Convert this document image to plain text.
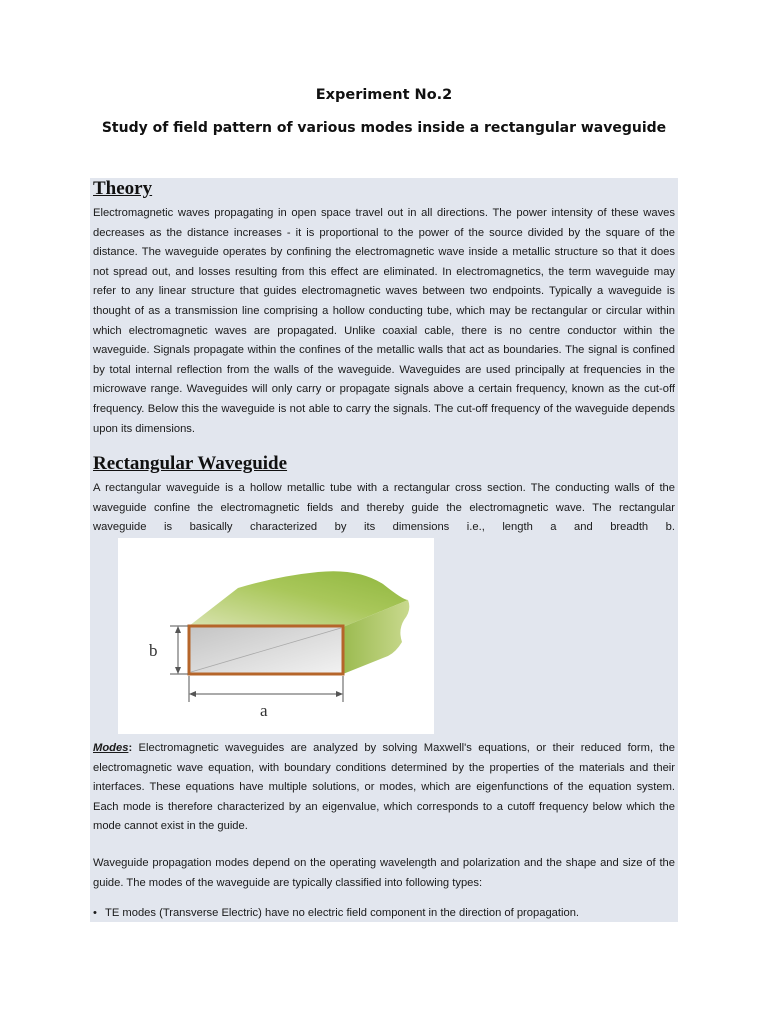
Experiment No.2
Study of field pattern of various modes inside a rectangular waveguide
Theory

Electromagnetic waves propagating in open space travel out in all directions. The power intensity of these waves decreases as the distance increases - it is proportional to the power of the source divided by the square of the distance. The waveguide operates by confining the electromagnetic wave inside a metallic structure so that it does not spread out, and losses resulting from this effect are eliminated. In electromagnetics, the term waveguide may refer to any linear structure that guides electromagnetic waves between two endpoints. Typically a waveguide is thought of as a transmission line comprising a hollow conducting tube, which may be rectangular or circular within which electromagnetic waves are propagated. Unlike coaxial cable, there is no centre conductor within the waveguide. Signals propagate within the confines of the metallic walls that act as boundaries. The signal is confined by total internal reflection from the walls of the waveguide. Waveguides are used principally at frequencies in the microwave range. Waveguides will only carry or propagate signals above a certain frequency, known as the cut-off frequency. Below this the waveguide is not able to carry the signals. The cut-off frequency of the waveguide depends upon its dimensions.

Rectangular Waveguide

A rectangular waveguide is a hollow metallic tube with a rectangular cross section. The conducting walls of the waveguide confine the electromagnetic fields and thereby guide the electromagnetic wave. The rectangular waveguide is basically characterized by its dimensions i.e., length a and breadth b.

b
a

Modes: Electromagnetic waveguides are analyzed by solving Maxwell's equations, or their reduced form, the electromagnetic wave equation, with boundary conditions determined by the properties of the materials and their interfaces. These equations have multiple solutions, or modes, which are eigenfunctions of the equation system. Each mode is therefore characterized by an eigenvalue, which corresponds to a cutoff frequency below which the mode cannot exist in the guide.

Waveguide propagation modes depend on the operating wavelength and polarization and the shape and size of the guide. The modes of the waveguide are typically classified into following types:

• TE modes (Transverse Electric) have no electric field component in the direction of propagation.
